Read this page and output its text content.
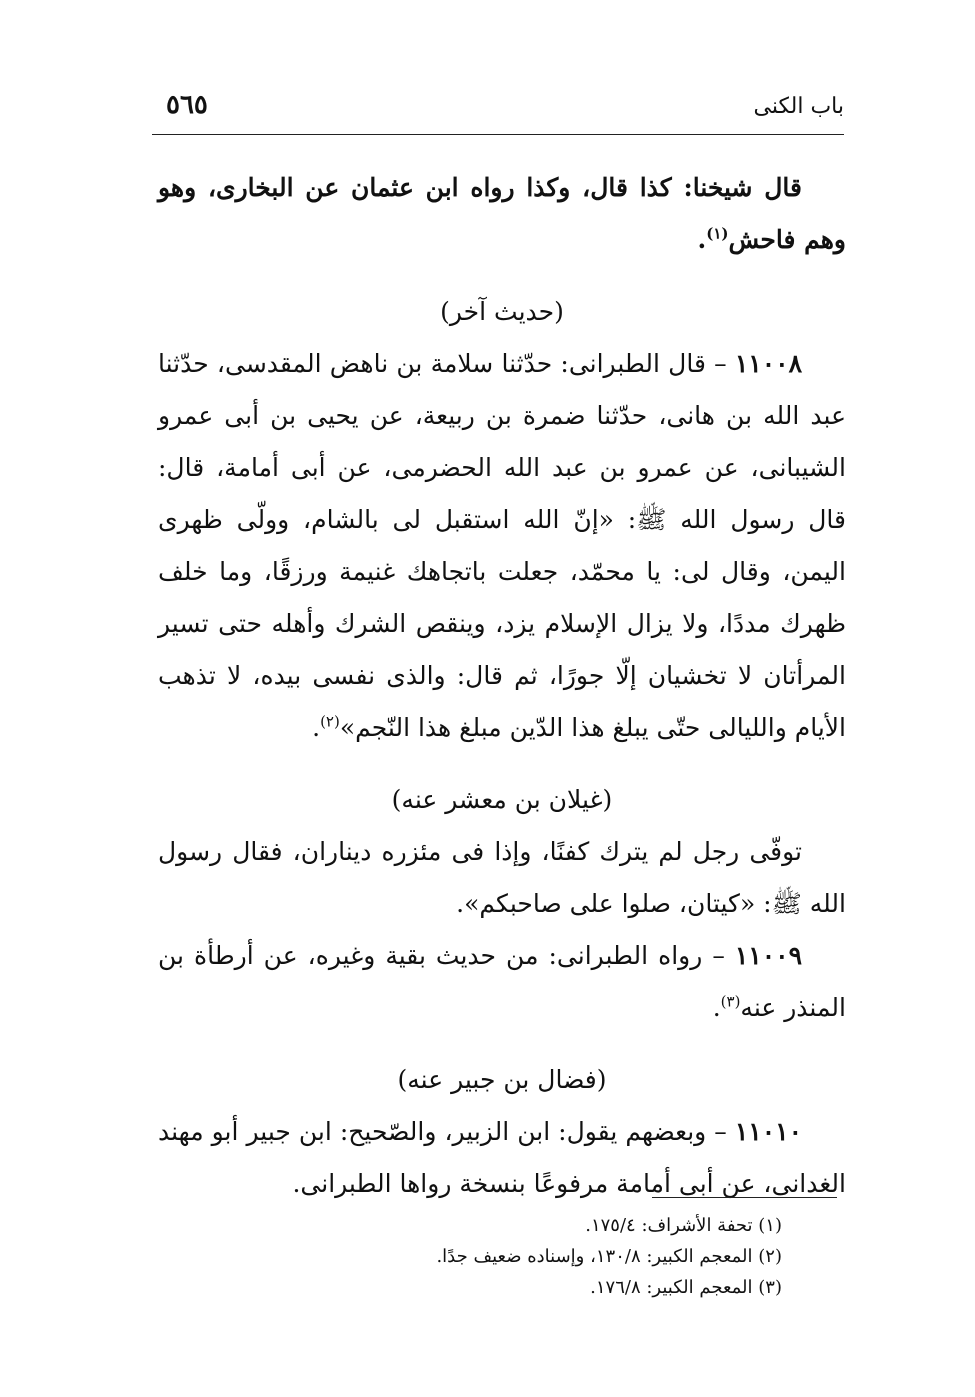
باب الكنى
٥٦٥

قال شيخنا: كذا قال، وكذا رواه ابن عثمان عن البخارى، وهو وهم فاحش$^{(١)}$.

(حديث آخر)

١١٠٠٨ – قال الطبرانى: حدّثنا سلامة بن ناهض المقدسى، حدّثنا عبد الله بن هانى، حدّثنا ضمرة بن ربيعة، عن يحيى بن أبى عمرو الشيبانى، عن عمرو بن عبد الله الحضرمى، عن أبى أمامة، قال: قال رسول الله ﷺ: «إنّ الله استقبل لى بالشام، وولّى ظهرى اليمن، وقال لى: يا محمّد، جعلت باتجاهك غنيمة ورزقًا، وما خلف ظهرك مددًا، ولا يزال الإسلام يزد، وينقص الشرك وأهله حتى تسير المرأتان لا تخشيان إلّا جورًا، ثم قال: والذى نفسى بيده، لا تذهب الأيام والليالى حتّى يبلغ هذا الدّين مبلغ هذا النّجم»$^{(٢)}$.

(غيلان بن معشر عنه)

توفّى رجل لم يترك كفنًا، وإذا فى مئزره ديناران، فقال رسول الله ﷺ: «كيتان، صلوا على صاحبكم».

١١٠٠٩ – رواه الطبرانى: من حديث بقية وغيره، عن أرطأة بن المنذر عنه$^{(٣)}$.

(فضال بن جبير عنه)

١١٠١٠ – وبعضهم يقول: ابن الزبير، والصّحيح: ابن جبير أبو مهند الغدانى، عن أبى أمامة مرفوعًا بنسخة رواها الطبرانى.

(١) تحفة الأشراف: ١٧٥/٤.

(٢) المعجم الكبير: ١٣٠/٨، وإسناده ضعيف جدًا.

(٣) المعجم الكبير: ١٧٦/٨.
